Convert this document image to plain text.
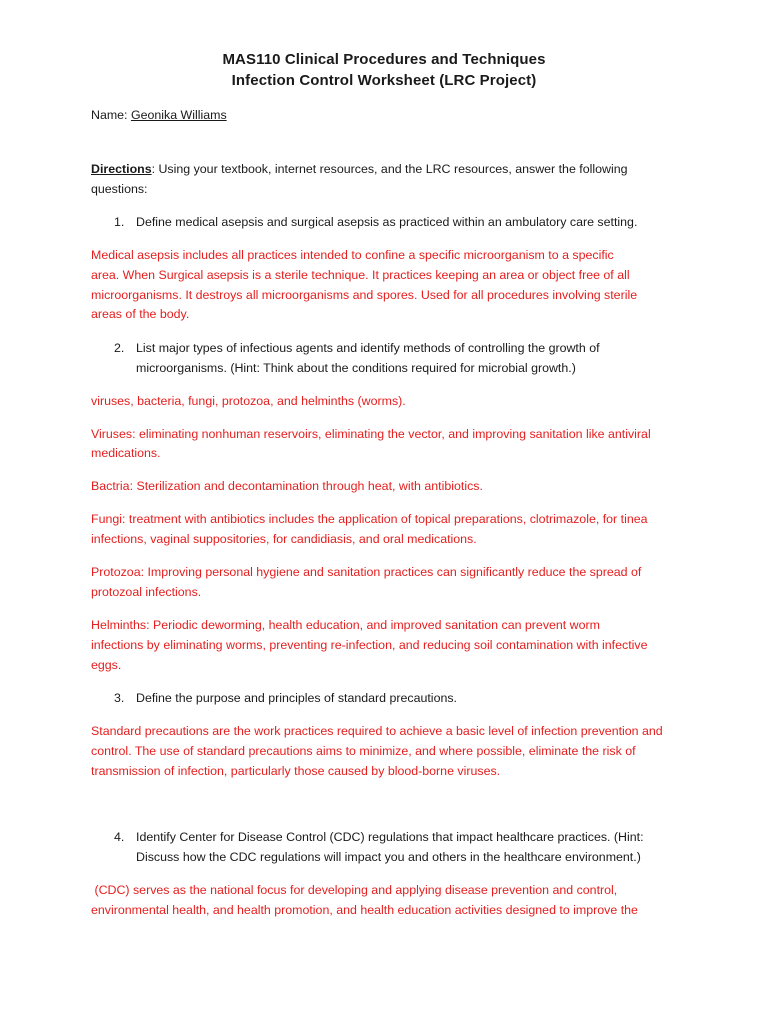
MAS110 Clinical Procedures and Techniques
Infection Control Worksheet (LRC Project)
Name: Geonika Williams
Directions: Using your textbook, internet resources, and the LRC resources, answer the following
questions:
1. Define medical asepsis and surgical asepsis as practiced within an ambulatory care setting.
Medical asepsis includes all practices intended to confine a specific microorganism to a specific
area. When Surgical asepsis is a sterile technique. It practices keeping an area or object free of all
microorganisms. It destroys all microorganisms and spores. Used for all procedures involving sterile
areas of the body.
2. List major types of infectious agents and identify methods of controlling the growth of
microorganisms. (Hint: Think about the conditions required for microbial growth.)
viruses, bacteria, fungi, protozoa, and helminths (worms).
Viruses: eliminating nonhuman reservoirs, eliminating the vector, and improving sanitation like antiviral
medications.
Bactria: Sterilization and decontamination through heat, with antibiotics.
Fungi: treatment with antibiotics includes the application of topical preparations, clotrimazole, for tinea
infections, vaginal suppositories, for candidiasis, and oral medications.
Protozoa: Improving personal hygiene and sanitation practices can significantly reduce the spread of
protozoal infections.
Helminths: Periodic deworming, health education, and improved sanitation can prevent worm
infections by eliminating worms, preventing re-infection, and reducing soil contamination with infective
eggs.
3. Define the purpose and principles of standard precautions.
Standard precautions are the work practices required to achieve a basic level of infection prevention and
control. The use of standard precautions aims to minimize, and where possible, eliminate the risk of
transmission of infection, particularly those caused by blood-borne viruses.
4. Identify Center for Disease Control (CDC) regulations that impact healthcare practices. (Hint:
Discuss how the CDC regulations will impact you and others in the healthcare environment.)
(CDC) serves as the national focus for developing and applying disease prevention and control,
environmental health, and health promotion, and health education activities designed to improve the
